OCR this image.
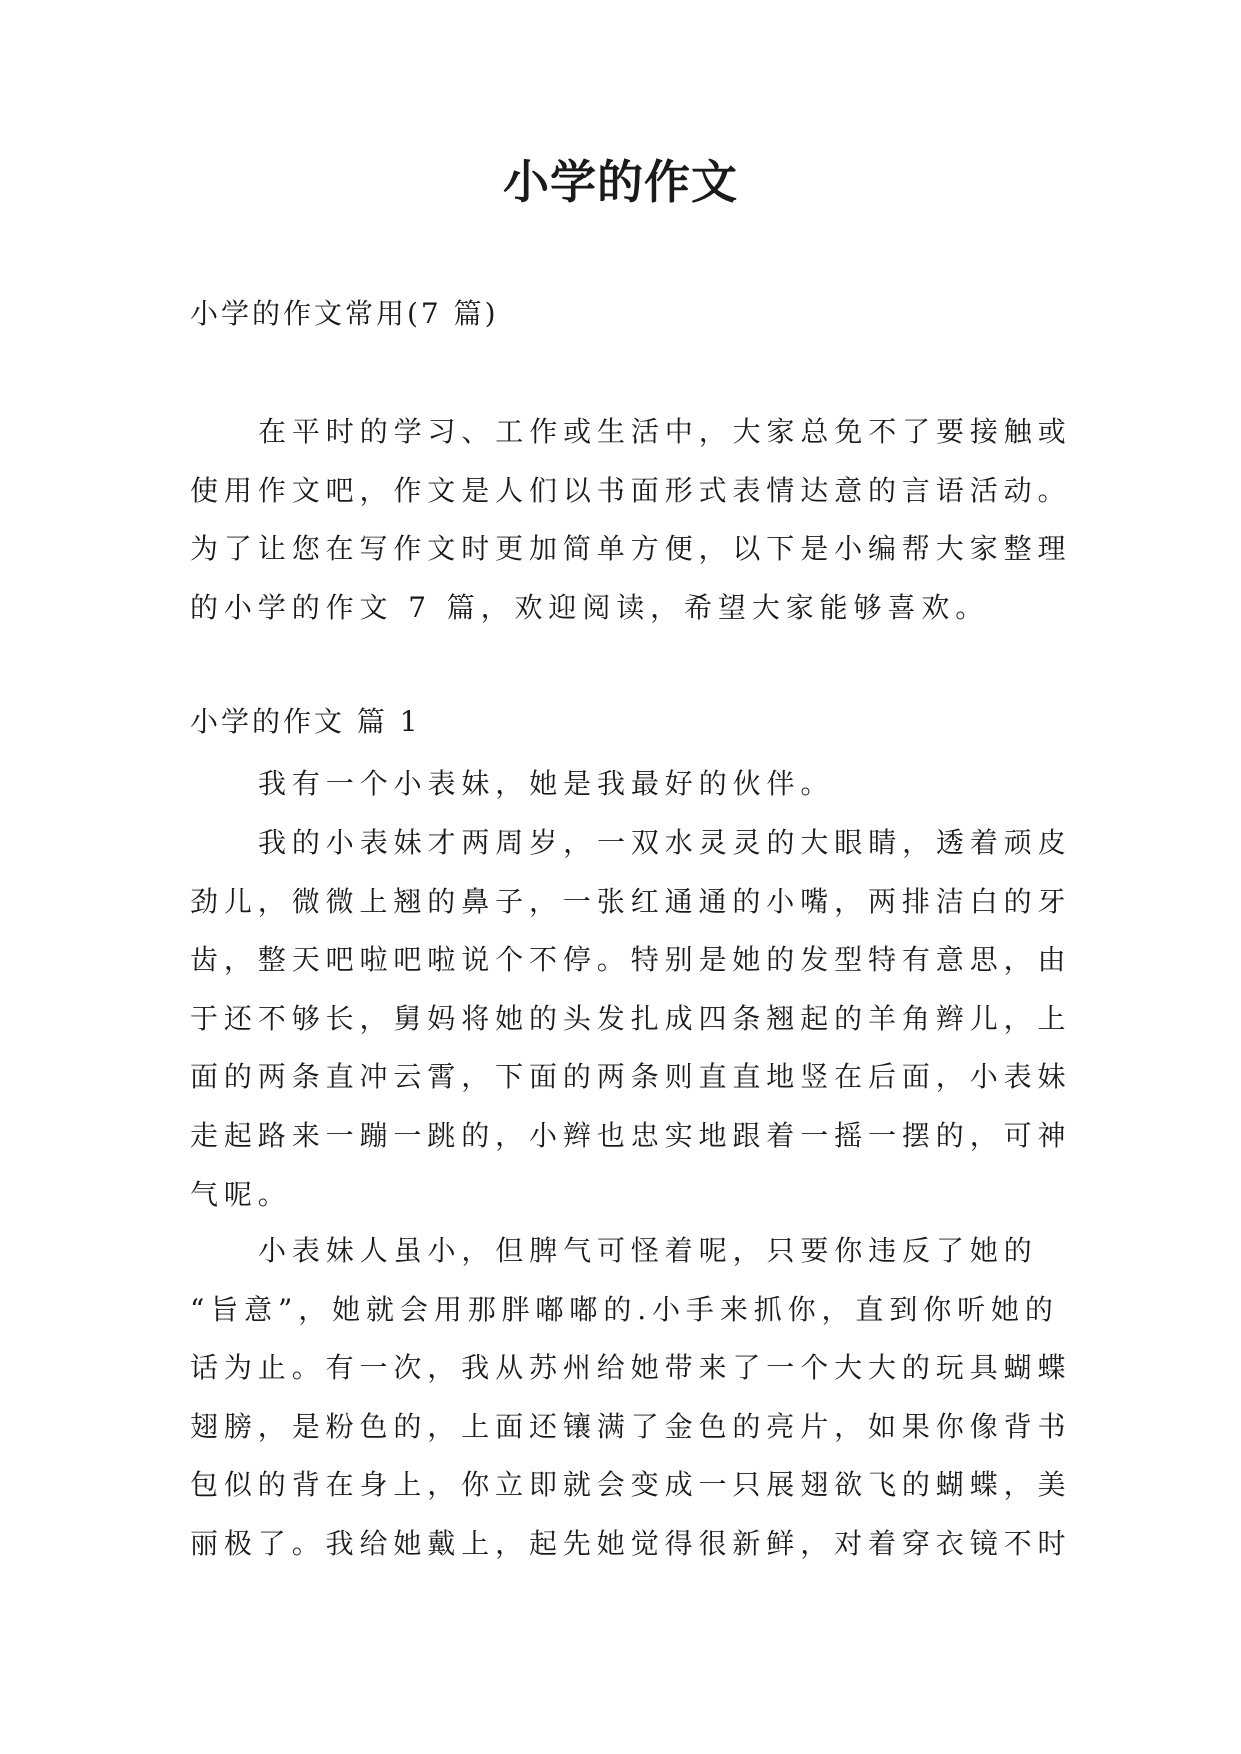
小学的作文
小学的作文常用(7 篇)

在平时的学习、工作或生活中，大家总免不了要接触或
使用作文吧，作文是人们以书面形式表情达意的言语活动。
为了让您在写作文时更加简单方便，以下是小编帮大家整理
的小学的作文 7 篇，欢迎阅读，希望大家能够喜欢。

小学的作文 篇 1

我有一个小表妹，她是我最好的伙伴。

我的小表妹才两周岁，一双水灵灵的大眼睛，透着顽皮
劲儿，微微上翘的鼻子，一张红通通的小嘴，两排洁白的牙
齿，整天吧啦吧啦说个不停。特别是她的发型特有意思，由
于还不够长，舅妈将她的头发扎成四条翘起的羊角辫儿，上
面的两条直冲云霄，下面的两条则直直地竖在后面，小表妹
走起路来一蹦一跳的，小辫也忠实地跟着一摇一摆的，可神
气呢。

小表妹人虽小，但脾气可怪着呢，只要你违反了她的
“旨意”，她就会用那胖嘟嘟的.小手来抓你，直到你听她的
话为止。有一次，我从苏州给她带来了一个大大的玩具蝴蝶
翅膀，是粉色的，上面还镶满了金色的亮片，如果你像背书
包似的背在身上，你立即就会变成一只展翅欲飞的蝴蝶，美
丽极了。我给她戴上，起先她觉得很新鲜，对着穿衣镜不时
